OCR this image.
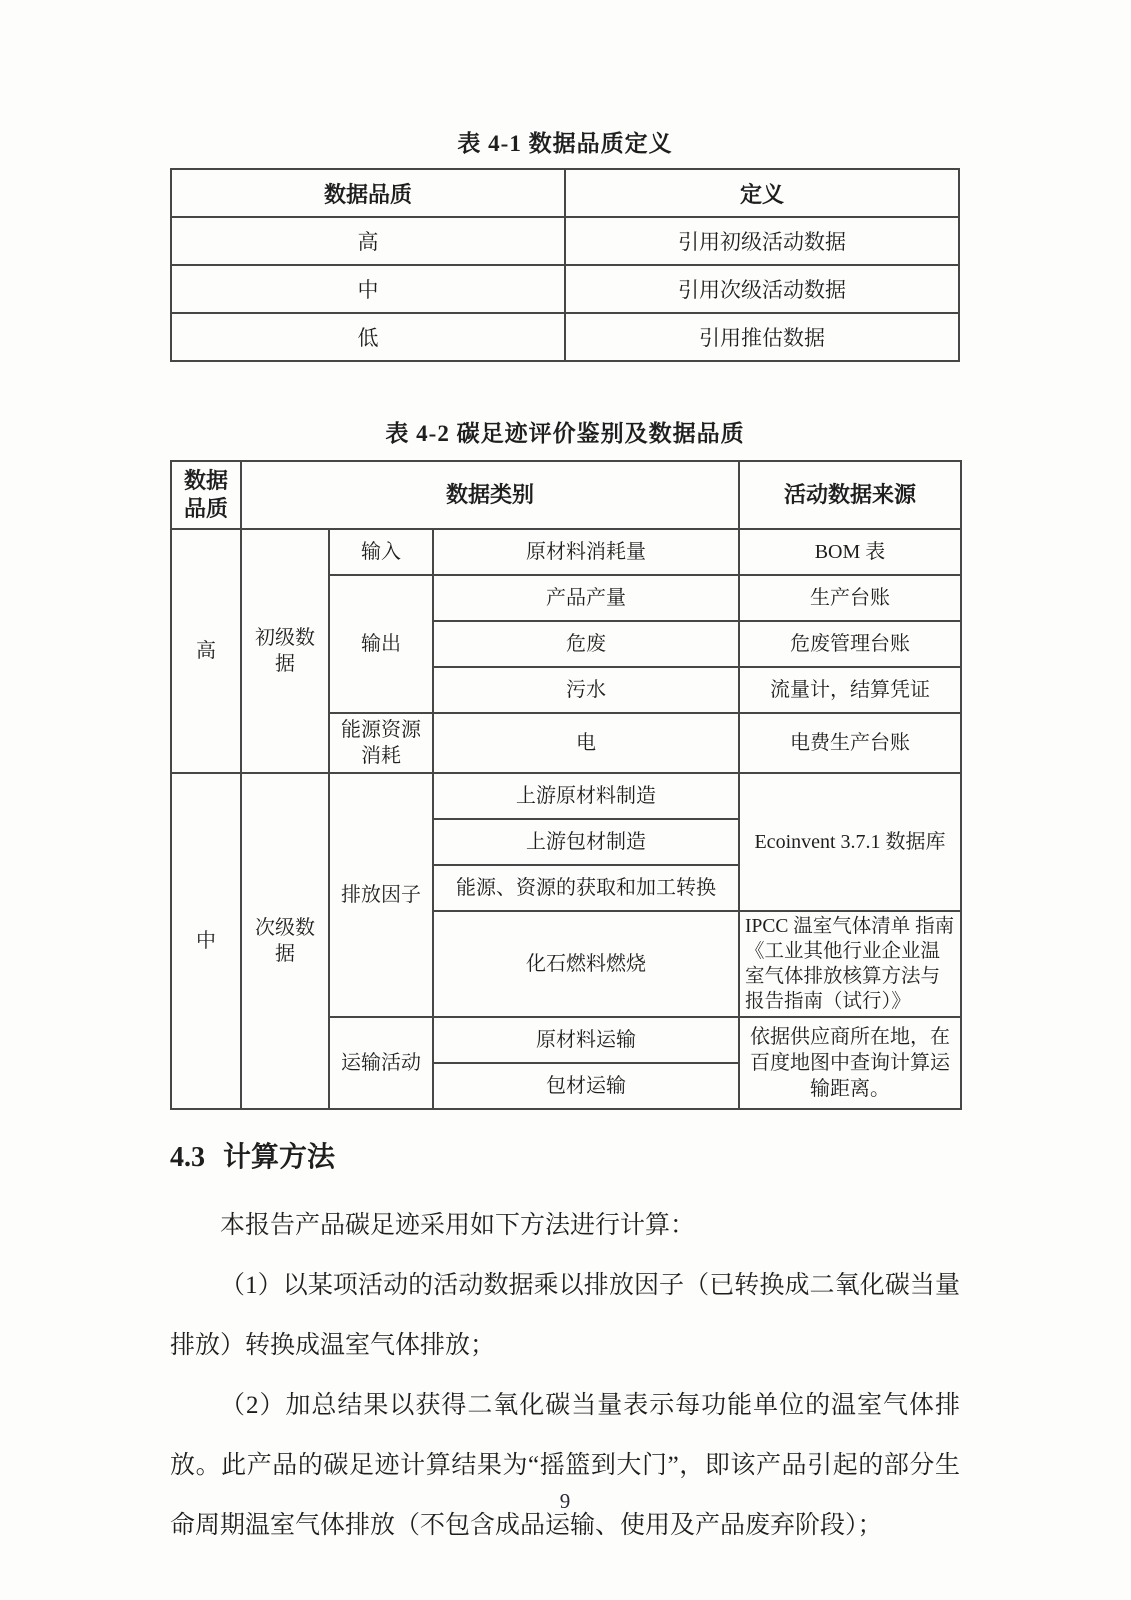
表 4-1 数据品质定义
数据品质	定义
高	引用初级活动数据
中	引用次级活动数据
低	引用推估数据
表 4-2 碳足迹评价鉴别及数据品质
数据品质	数据类别			活动数据来源
高	初级数据	输入	原材料消耗量	BOM 表
		输出	产品产量	生产台账
			危废	危废管理台账
			污水	流量计，结算凭证
		能源资源消耗	电	电费生产台账
中	次级数据	排放因子	上游原材料制造	Ecoinvent 3.7.1 数据库
			上游包材制造	
			能源、资源的获取和加工转换	
			化石燃料燃烧	IPCC 温室气体清单 指南《工业其他行业企业温室气体排放核算方法与报告指南（试行）》
		运输活动	原材料运输	依据供应商所在地，在百度地图中查询计算运输距离。
			包材运输	
4.3 计算方法

本报告产品碳足迹采用如下方法进行计算：

（1）以某项活动的活动数据乘以排放因子（已转换成二氧化碳当量排放）转换成温室气体排放；

（2）加总结果以获得二氧化碳当量表示每功能单位的温室气体排放。此产品的碳足迹计算结果为“摇篮到大门”，即该产品引起的部分生命周期温室气体排放（不包含成品运输、使用及产品废弃阶段）；

9
